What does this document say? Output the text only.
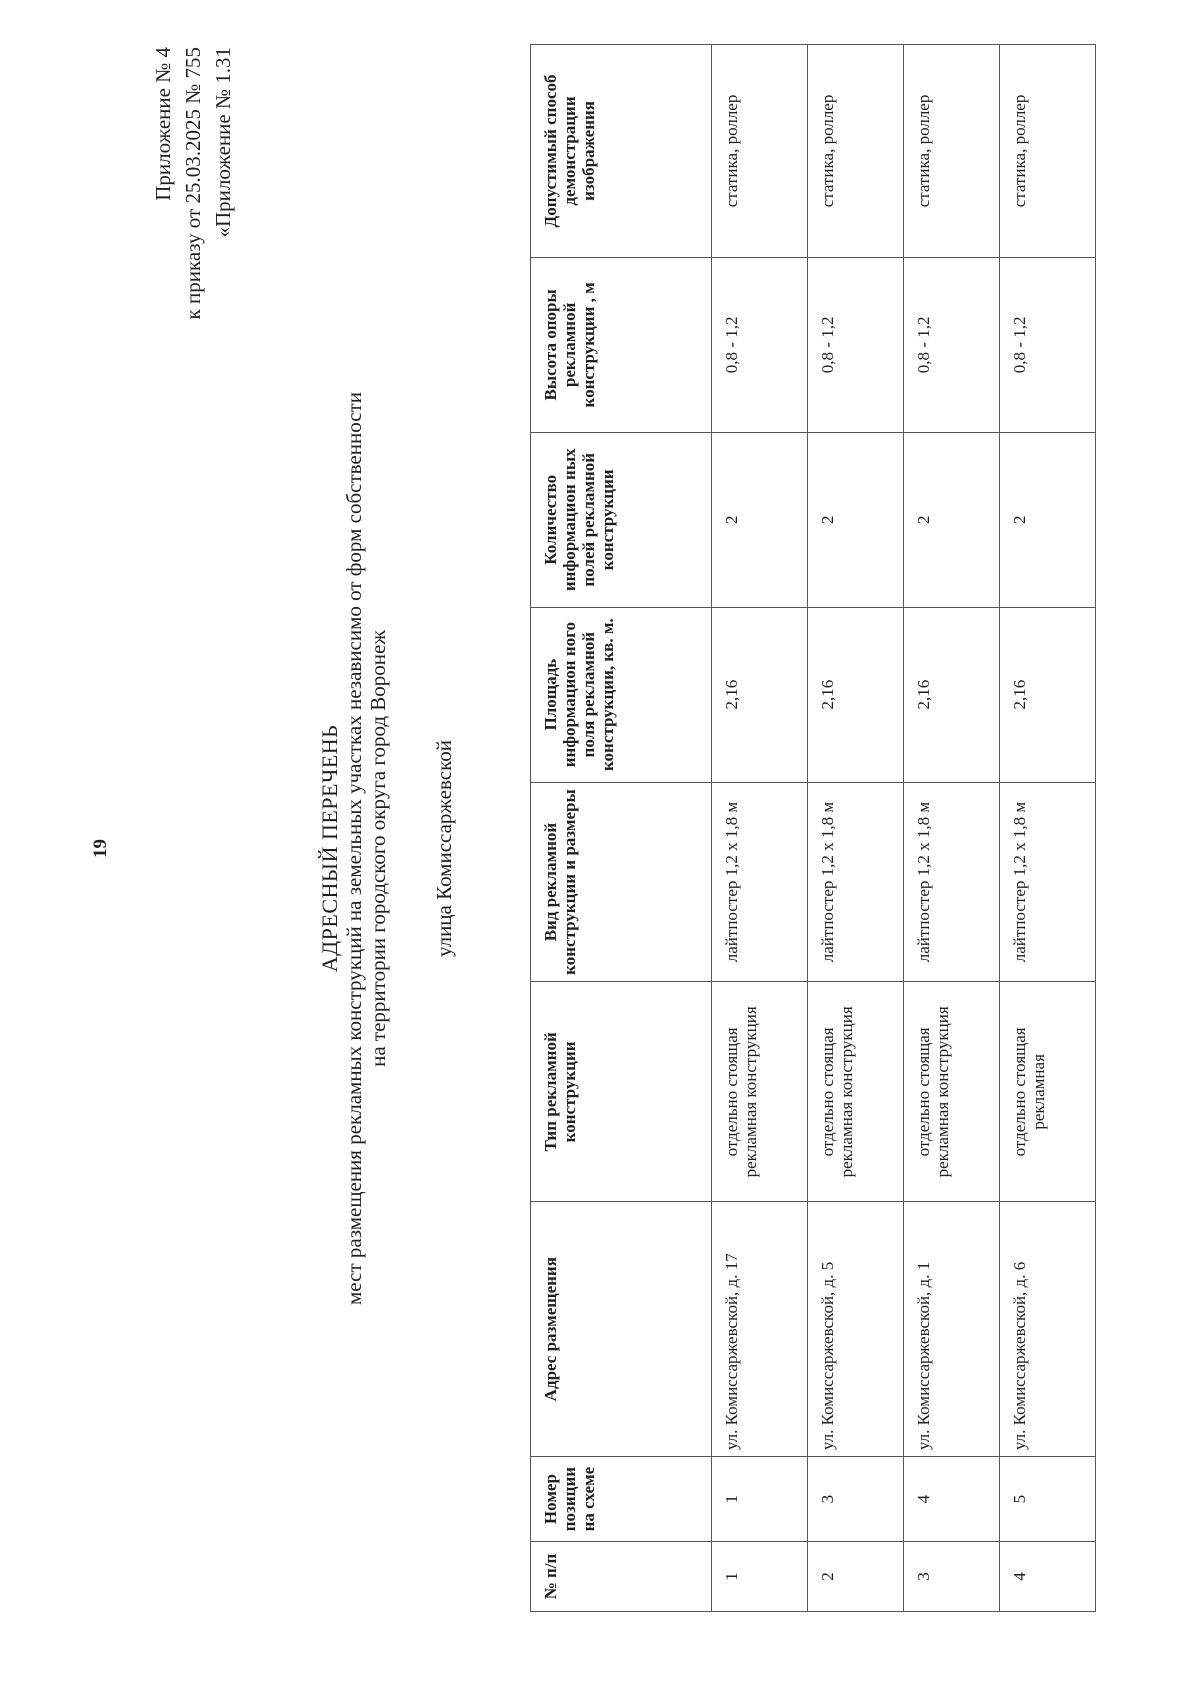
19
Приложение № 4 к приказу от 25.03.2025 № 755 «Приложение № 1.31
АДРЕСНЫЙ ПЕРЕЧЕНЬ мест размещения рекламных конструкций на земельных участках независимо от форм собственности на территории городского округа город Воронеж улица Комиссаржевской
№ п/п	Номер позиции на схеме	Адрес размещения	Тип рекламной конструкции	Вид рекламной конструкции и размеры	Площадь информацион ного поля рекламной конструкции, кв. м.	Количество информацион ных полей рекламной конструкции	Высота опоры рекламной конструкции , м	Допустимый способ демонстрации изображения
1	1	ул. Комиссаржевской, д. 17	отдельно стоящая рекламная конструкция	лайтпостер 1,2 х 1,8 м	2,16	2	0,8 - 1,2	статика, роллер
2	3	ул. Комиссаржевской, д. 5	отдельно стоящая рекламная конструкция	лайтпостер 1,2 х 1,8 м	2,16	2	0,8 - 1,2	статика, роллер
3	4	ул. Комиссаржевской, д. 1	отдельно стоящая рекламная конструкция	лайтпостер 1,2 х 1,8 м	2,16	2	0,8 - 1,2	статика, роллер
4	5	ул. Комиссаржевской, д. 6	отдельно стоящая рекламная	лайтпостер 1,2 х 1,8 м	2,16	2	0,8 - 1,2	статика, роллер
